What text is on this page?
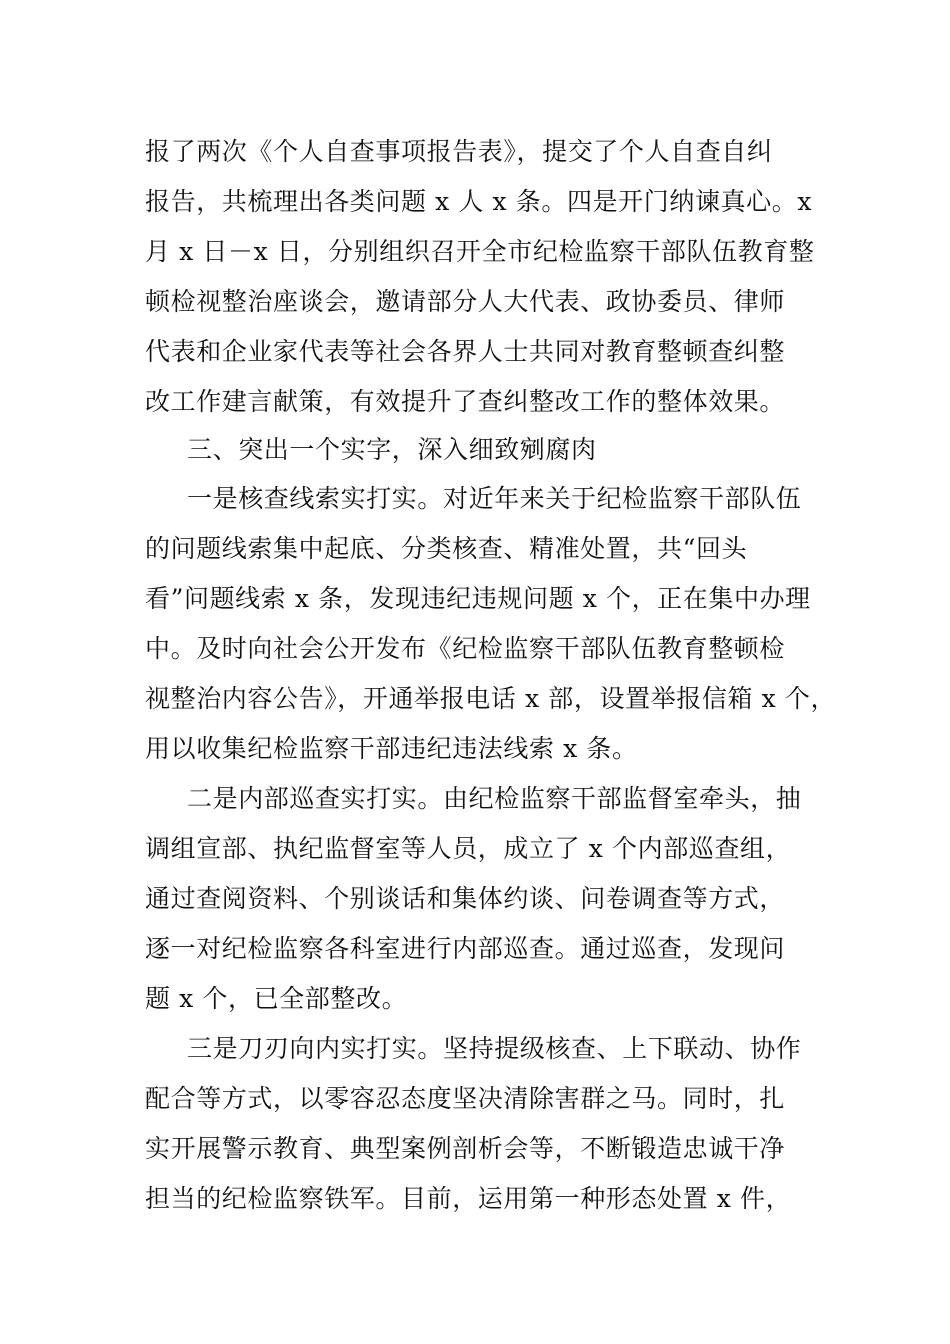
报了两次《个人自查事项报告表》，提交了个人自查自纠
报告，共梳理出各类问题 x 人 x 条。四是开门纳谏真心。x
月 x 日－x 日，分别组织召开全市纪检监察干部队伍教育整
顿检视整治座谈会，邀请部分人大代表、政协委员、律师
代表和企业家代表等社会各界人士共同对教育整顿查纠整
改工作建言献策，有效提升了查纠整改工作的整体效果。
三、突出一个实字，深入细致剜腐肉
一是核查线索实打实。对近年来关于纪检监察干部队伍
的问题线索集中起底、分类核查、精准处置，共“回头
看”问题线索 x 条，发现违纪违规问题 x 个，正在集中办理
中。及时向社会公开发布《纪检监察干部队伍教育整顿检
视整治内容公告》，开通举报电话 x 部，设置举报信箱 x 个，
用以收集纪检监察干部违纪违法线索 x 条。
二是内部巡查实打实。由纪检监察干部监督室牵头，抽
调组宣部、执纪监督室等人员，成立了 x 个内部巡查组，
通过查阅资料、个别谈话和集体约谈、问卷调查等方式，
逐一对纪检监察各科室进行内部巡查。通过巡查，发现问
题 x 个，已全部整改。
三是刀刃向内实打实。坚持提级核查、上下联动、协作
配合等方式，以零容忍态度坚决清除害群之马。同时，扎
实开展警示教育、典型案例剖析会等，不断锻造忠诚干净
担当的纪检监察铁军。目前，运用第一种形态处置 x 件，
